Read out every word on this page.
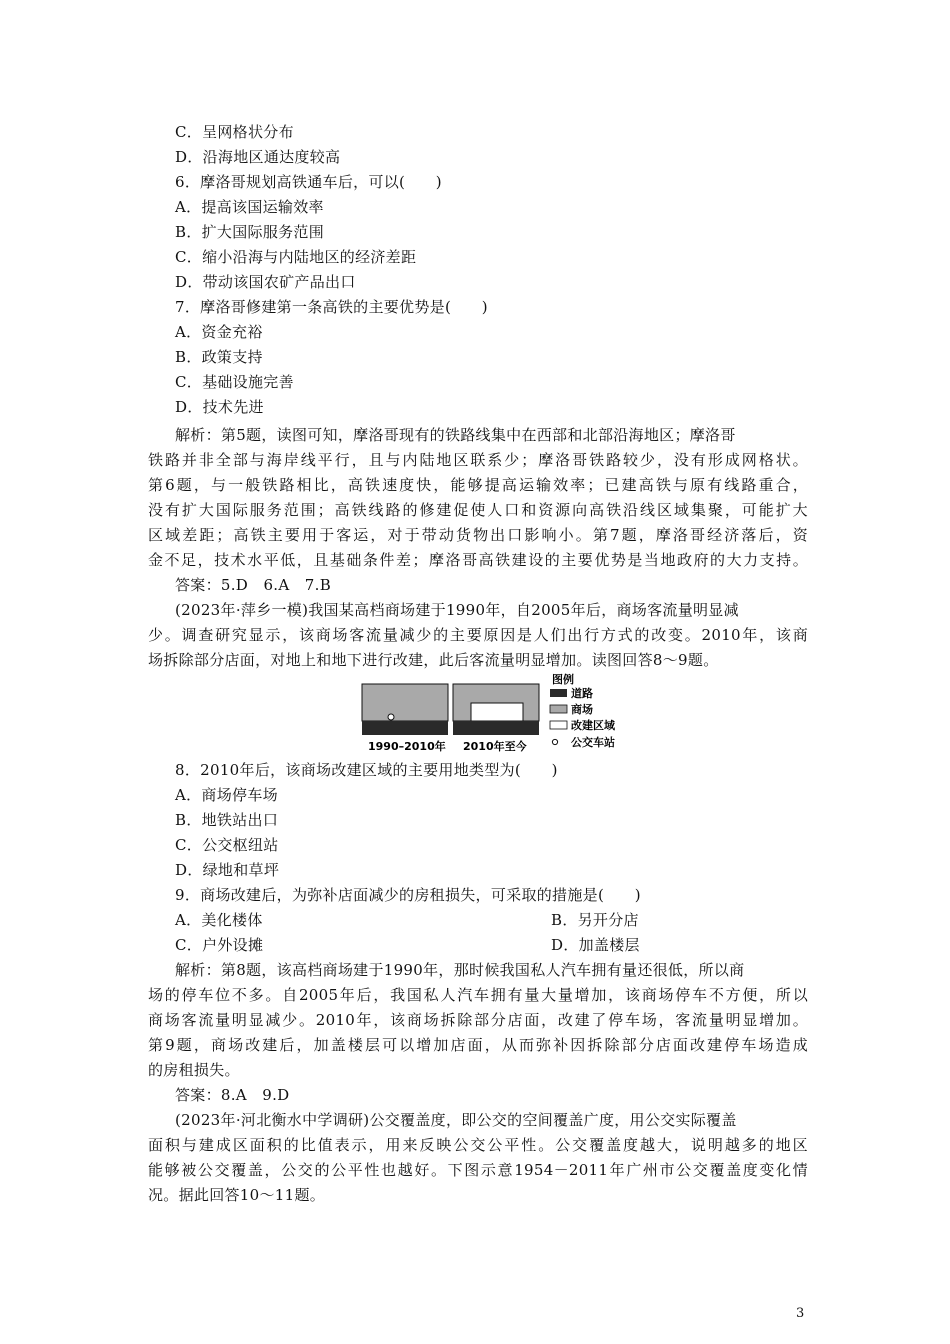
C．呈网格状分布
D．沿海地区通达度较高
6．摩洛哥规划高铁通车后，可以(　　)
A．提高该国运输效率
B．扩大国际服务范围
C．缩小沿海与内陆地区的经济差距
D．带动该国农矿产品出口
7．摩洛哥修建第一条高铁的主要优势是(　　)
A．资金充裕
B．政策支持
C．基础设施完善
D．技术先进
解析：第5题，读图可知，摩洛哥现有的铁路线集中在西部和北部沿海地区；摩洛哥
铁路并非全部与海岸线平行，且与内陆地区联系少；摩洛哥铁路较少，没有形成网格状。
第6题，与一般铁路相比，高铁速度快，能够提高运输效率；已建高铁与原有线路重合，
没有扩大国际服务范围；高铁线路的修建促使人口和资源向高铁沿线区域集聚，可能扩大
区域差距；高铁主要用于客运，对于带动货物出口影响小。第7题，摩洛哥经济落后，资
金不足，技术水平低，且基础条件差；摩洛哥高铁建设的主要优势是当地政府的大力支持。
答案：5.D　6.A　7.B
(2023年·萍乡一模)我国某高档商场建于1990年，自2005年后，商场客流量明显减
少。调查研究显示，该商场客流量减少的主要原因是人们出行方式的改变。2010年，该商
场拆除部分店面，对地上和地下进行改建，此后客流量明显增加。读图回答8～9题。
1990–2010年 2010年至今
图例
道路
商场
改建区域
公交车站
8．2010年后，该商场改建区域的主要用地类型为(　　)
A．商场停车场
B．地铁站出口
C．公交枢纽站
D．绿地和草坪
9．商场改建后，为弥补店面减少的房租损失，可采取的措施是(　　)
A．美化楼体	B．另开分店
C．户外设摊	D．加盖楼层
解析：第8题，该高档商场建于1990年，那时候我国私人汽车拥有量还很低，所以商
场的停车位不多。自2005年后，我国私人汽车拥有量大量增加，该商场停车不方便，所以
商场客流量明显减少。2010年，该商场拆除部分店面，改建了停车场，客流量明显增加。
第9题，商场改建后，加盖楼层可以增加店面，从而弥补因拆除部分店面改建停车场造成
的房租损失。
答案：8.A　9.D
(2023年·河北衡水中学调研)公交覆盖度，即公交的空间覆盖广度，用公交实际覆盖
面积与建成区面积的比值表示，用来反映公交公平性。公交覆盖度越大，说明越多的地区
能够被公交覆盖，公交的公平性也越好。下图示意1954－2011年广州市公交覆盖度变化情
况。据此回答10～11题。
3
